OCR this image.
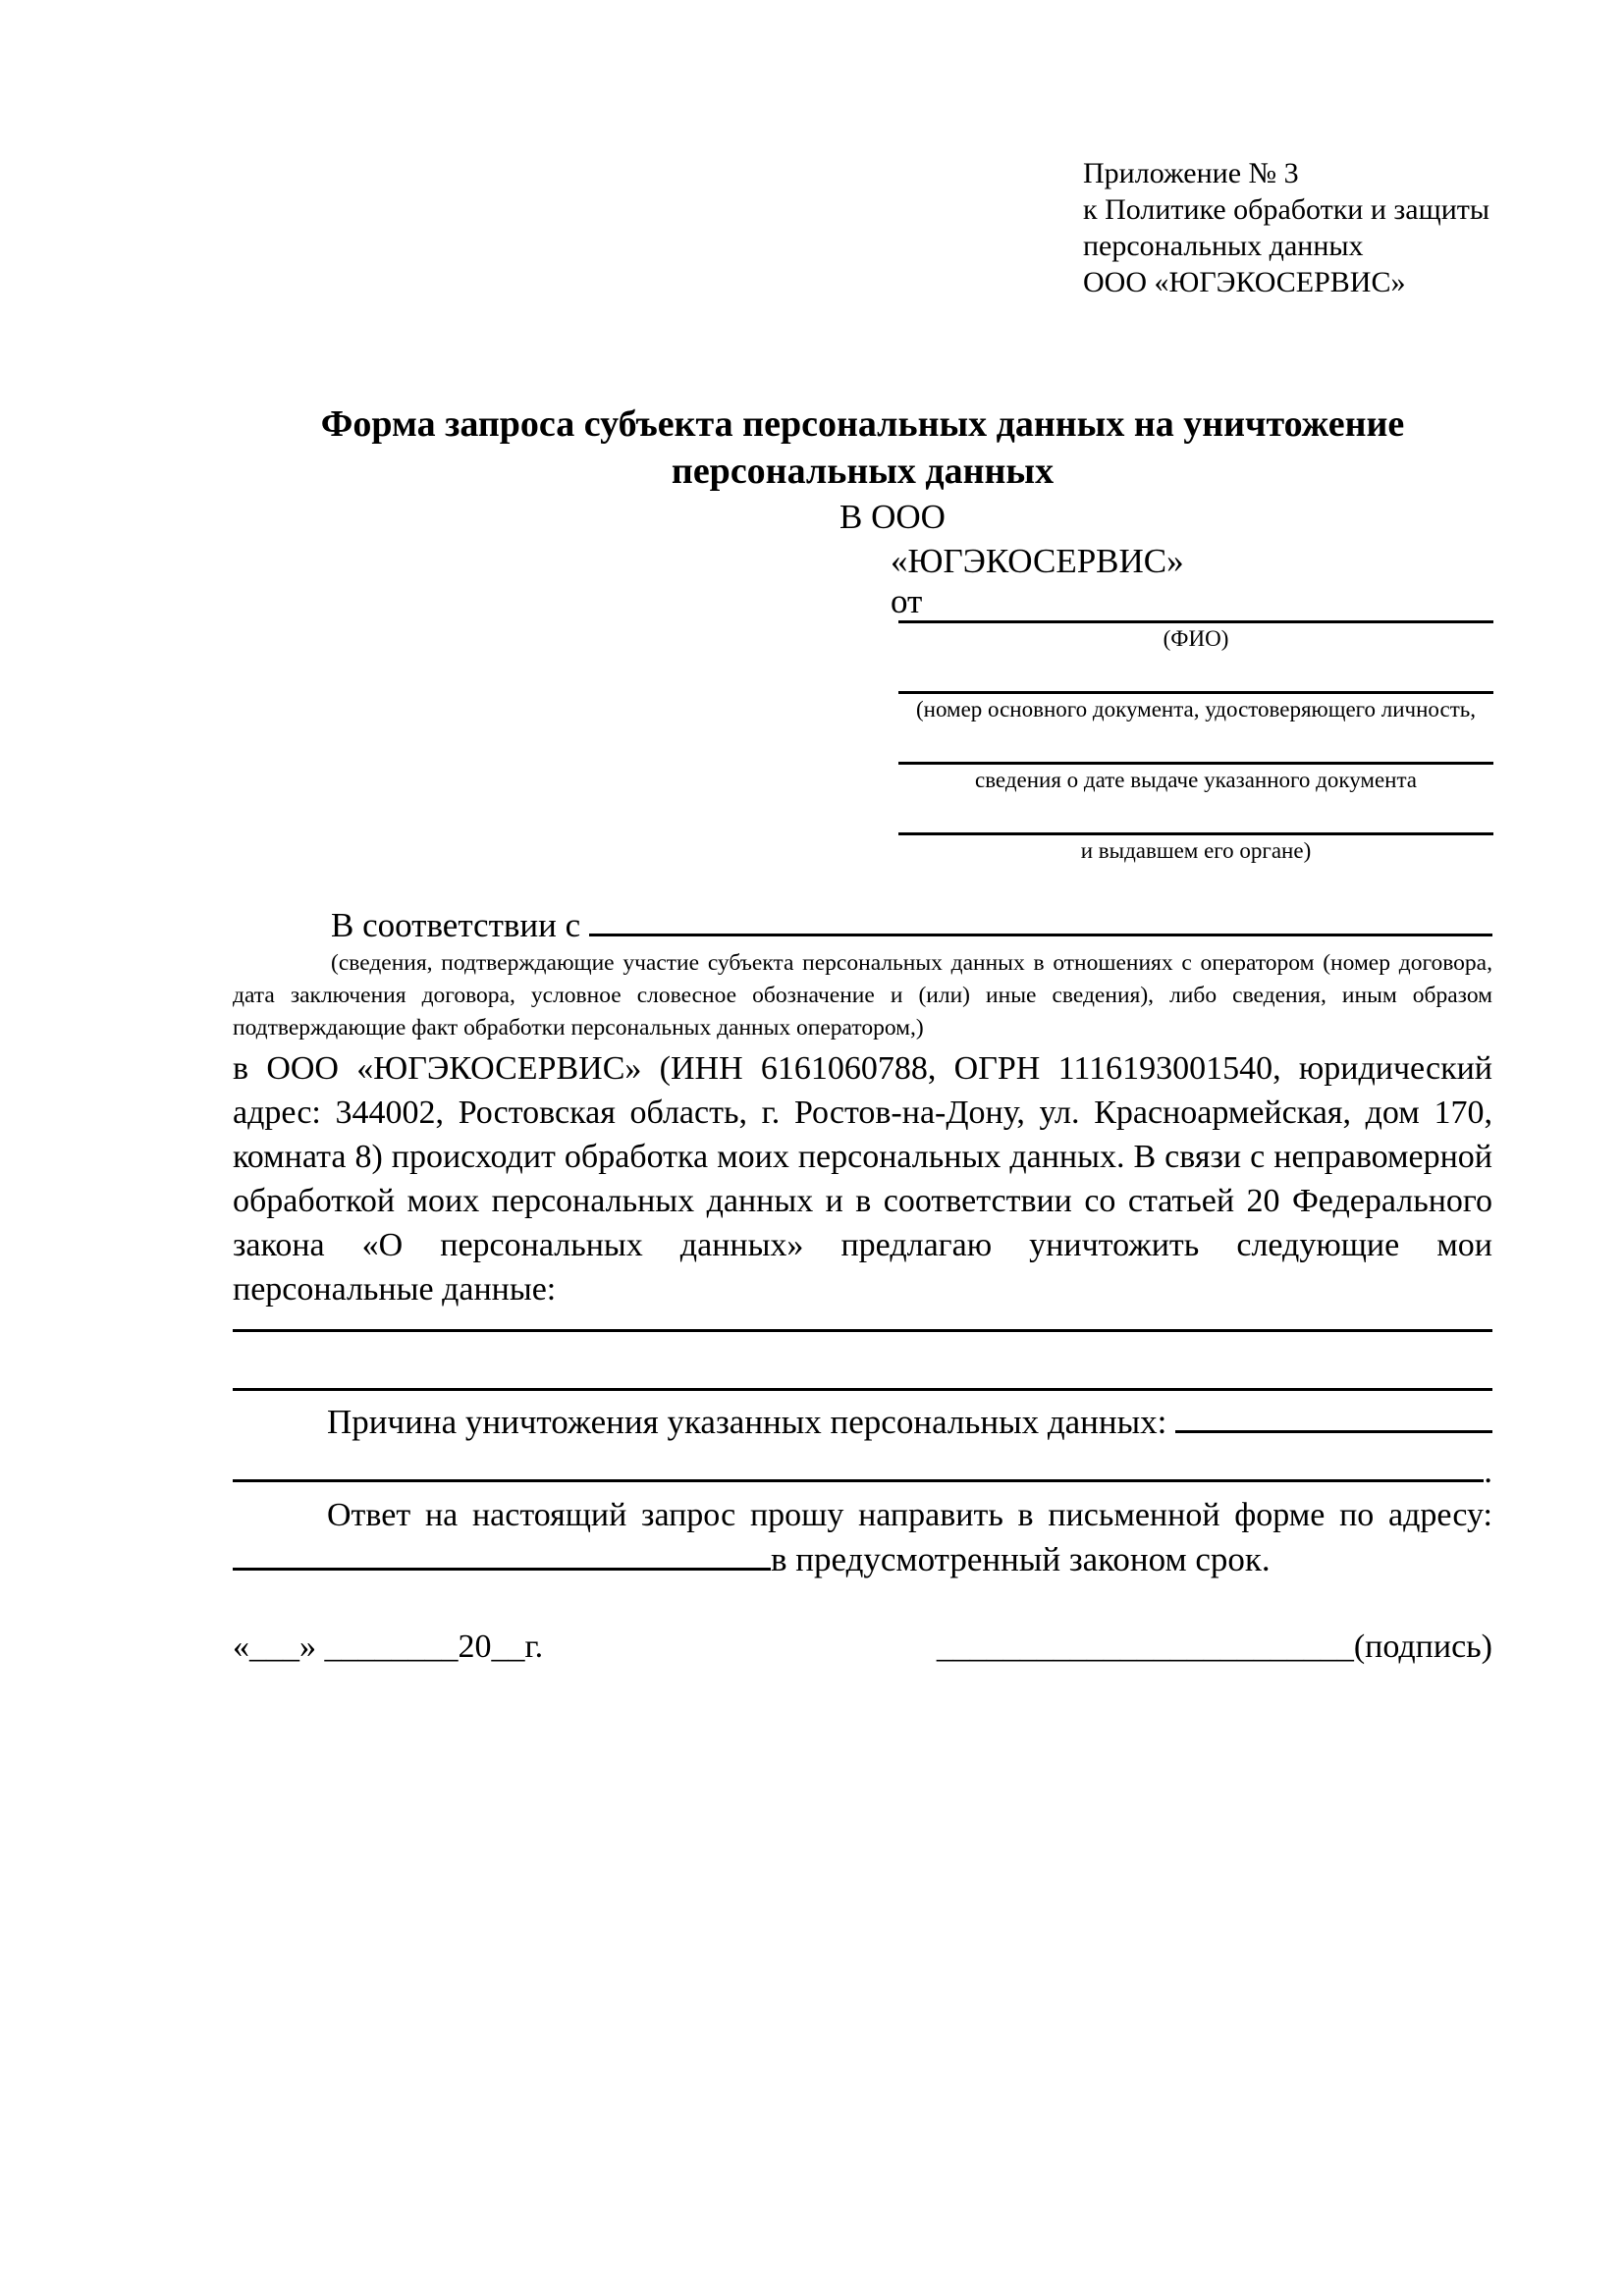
Приложение № 3
к Политике обработки и защиты
персональных данных
ООО «ЮГЭКОСЕРВИС»
Форма запроса субъекта персональных данных на уничтожение
персональных данных
В ООО
«ЮГЭКОСЕРВИС»
от
(ФИО)
(номер основного документа, удостоверяющего личность,
сведения о дате выдаче указанного документа
и выдавшем его органе)
В соответствии с

(сведения, подтверждающие участие субъекта персональных данных в отношениях с оператором (номер договора, дата заключения договора, условное словесное обозначение и (или) иные сведения), либо сведения, иным образом подтверждающие факт обработки персональных данных оператором,)

в ООО «ЮГЭКОСЕРВИС» (ИНН 6161060788, ОГРН 1116193001540, юридический адрес: 344002, Ростовская область, г. Ростов-на-Дону, ул. Красноармейская, дом 170, комната 8) происходит обработка моих персональных данных. В связи с неправомерной обработкой моих персональных данных и в соответствии со статьей 20 Федерального закона «О персональных данных» предлагаю уничтожить следующие мои персональные данные:

Причина уничтожения указанных персональных данных:
.

Ответ на настоящий запрос прошу направить в письменной форме по адресу:

в предусмотренный законом срок.
«___» ________20__г.	_________________________(подпись)
